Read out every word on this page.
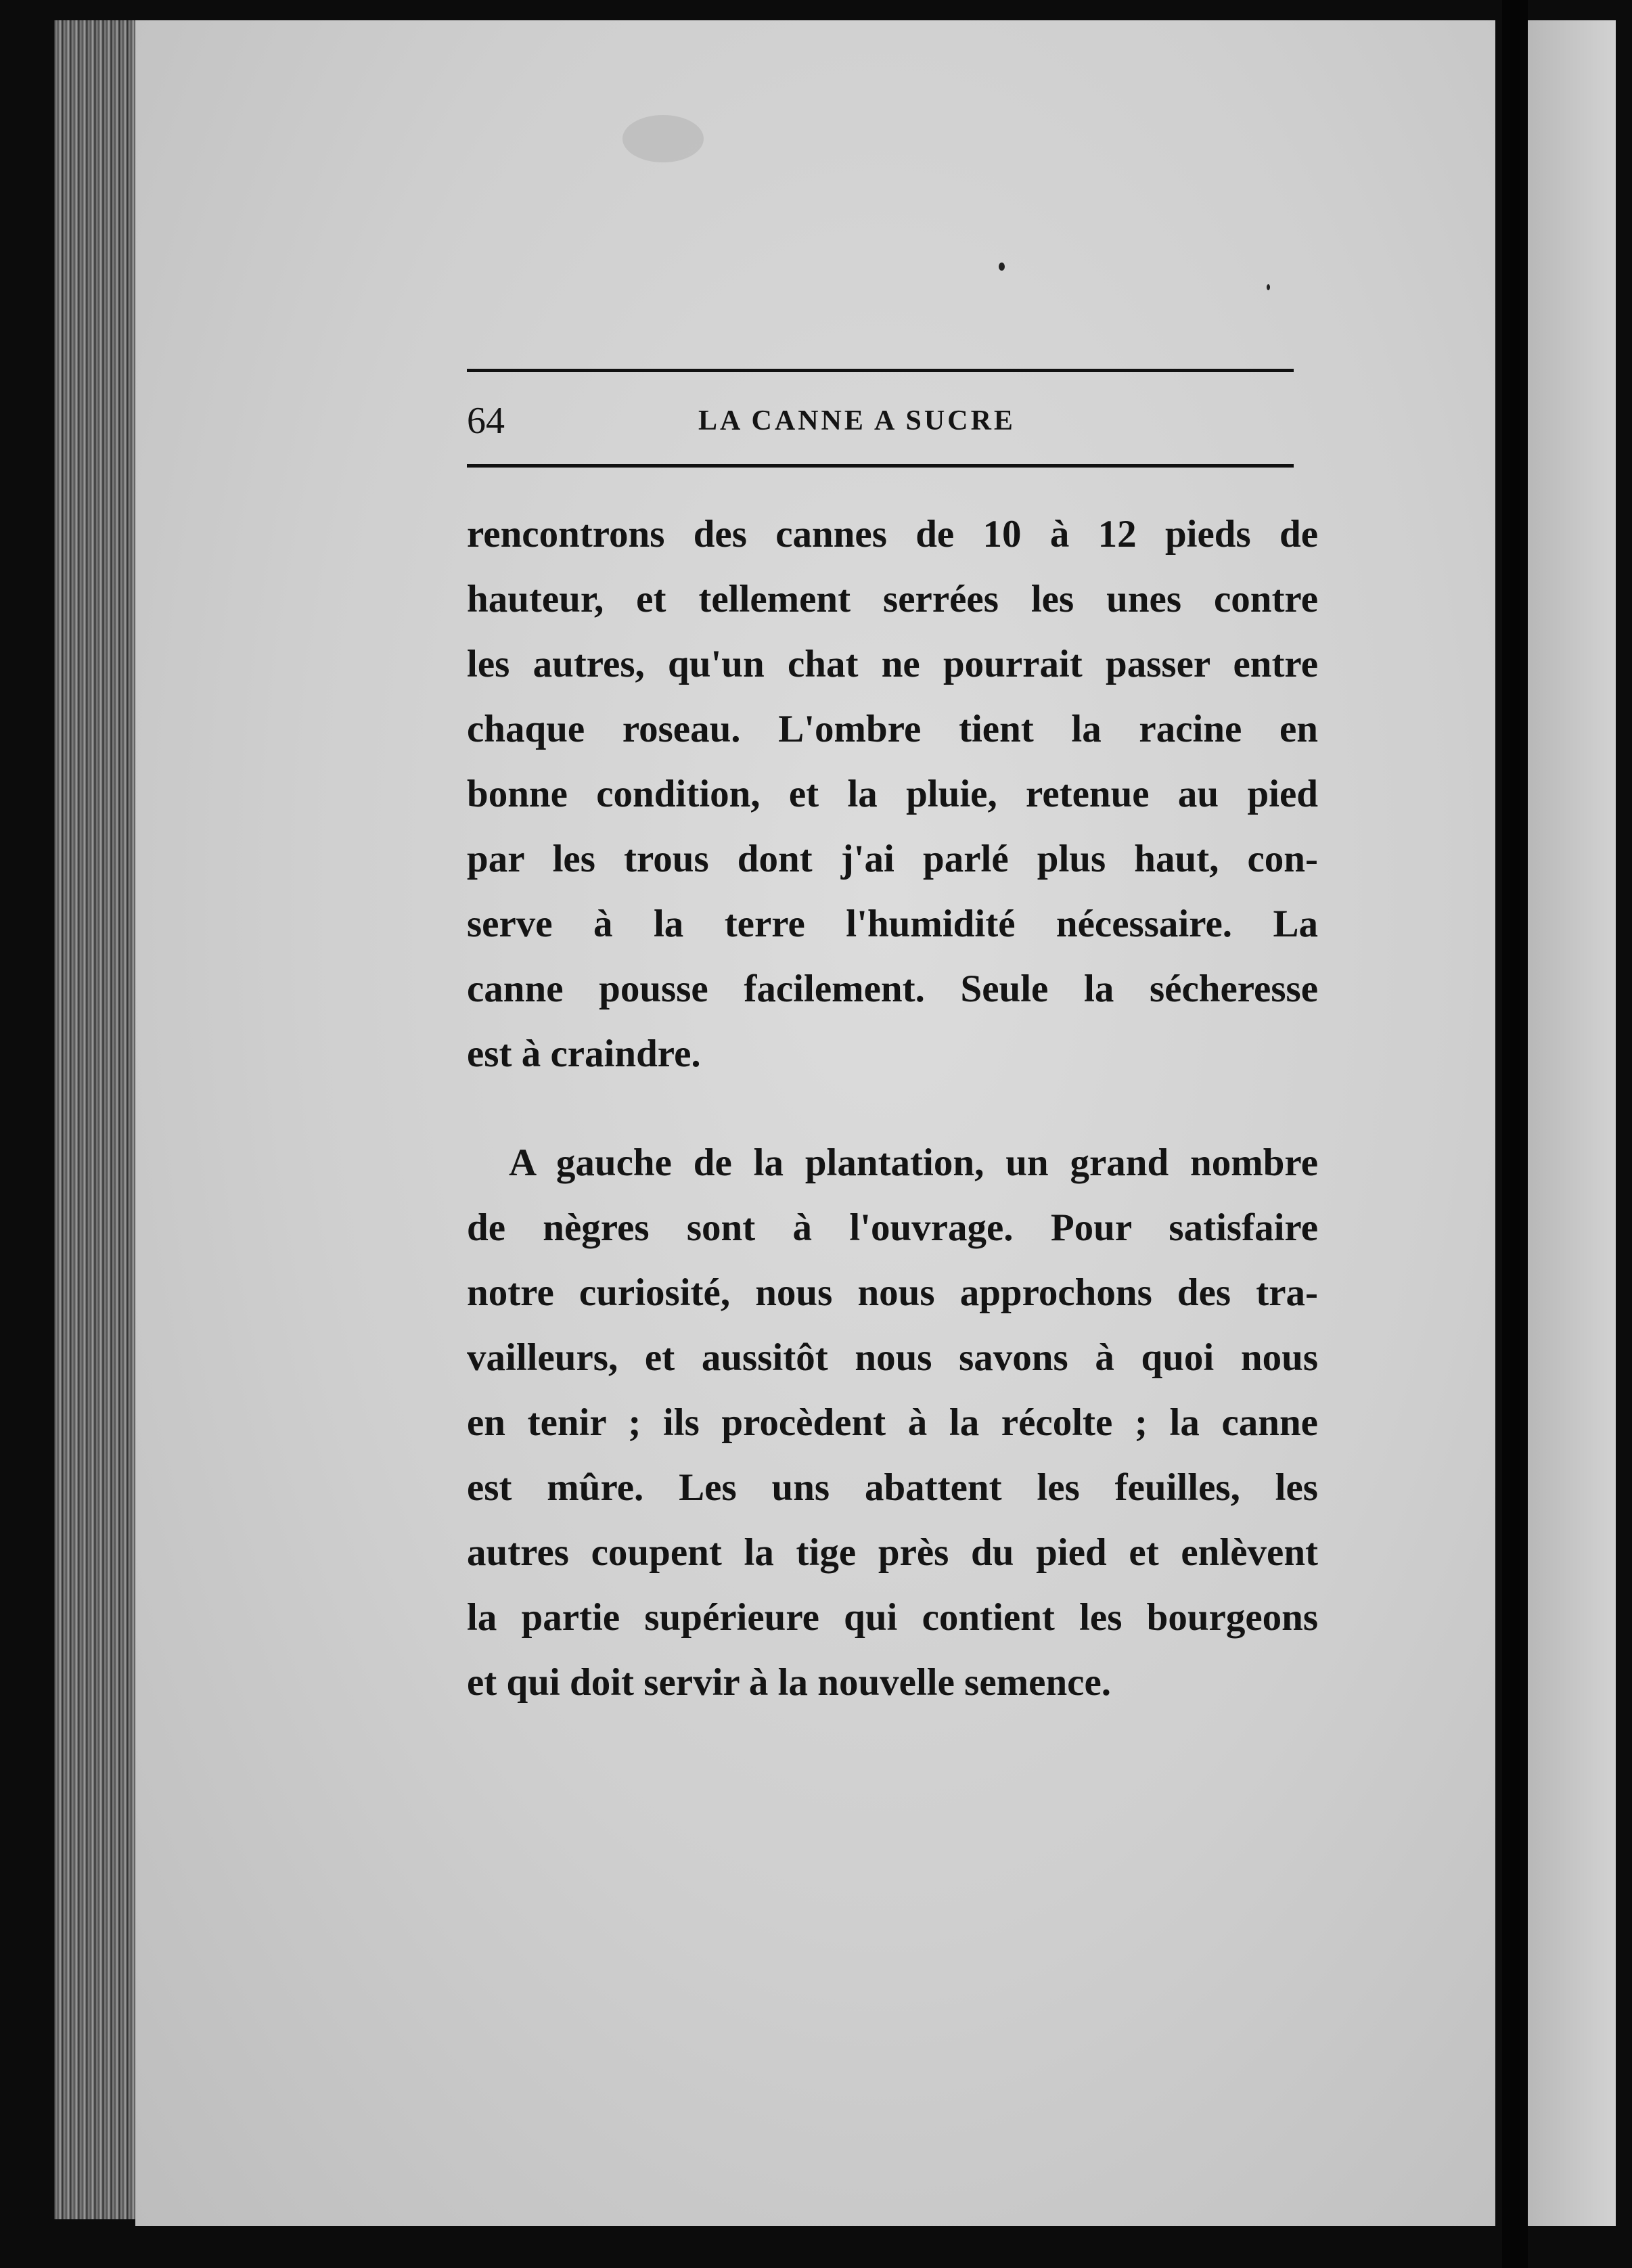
64	LA CANNE A SUCRE
rencontrons des cannes de 10 à 12 pieds de
hauteur, et tellement serrées les unes contre
les autres, qu'un chat ne pourrait passer entre
chaque roseau. L'ombre tient la racine en
bonne condition, et la pluie, retenue au pied
par les trous dont j'ai parlé plus haut, con-
serve à la terre l'humidité nécessaire. La
canne pousse facilement. Seule la sécheresse
est à craindre.
A gauche de la plantation, un grand nombre
de nègres sont à l'ouvrage. Pour satisfaire
notre curiosité, nous nous approchons des tra-
vailleurs, et aussitôt nous savons à quoi nous
en tenir ; ils procèdent à la récolte ; la canne
est mûre. Les uns abattent les feuilles, les
autres coupent la tige près du pied et enlèvent
la partie supérieure qui contient les bourgeons
et qui doit servir à la nouvelle semence.
